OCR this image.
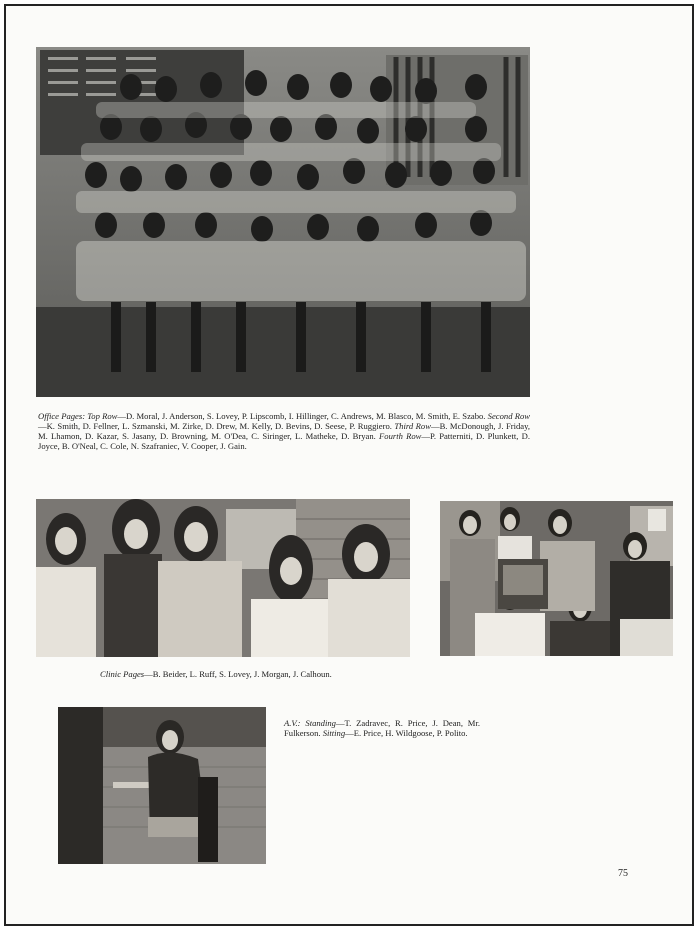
Office Pages: Top Row—D. Moral, J. Anderson, S. Lovey, P. Lipscomb, I. Hillinger, C. Andrews, M. Blasco, M. Smith, E. Szabo. Second Row—K. Smith, D. Fellner, L. Szmanski, M. Zirke, D. Drew, M. Kelly, D. Bevins, D. Seese, P. Ruggiero. Third Row—B. McDonough, J. Friday, M. Lhamon, D. Kazar, S. Jasany, D. Browning, M. O'Dea, C. Siringer, L. Matheke, D. Bryan. Fourth Row—P. Patterniti, D. Plunkett, D. Joyce, B. O'Neal, C. Cole, N. Szafraniec, V. Cooper, J. Gain.
Clinic Pages—B. Beider, L. Ruff, S. Lovey, J. Morgan, J. Calhoun.
A.V.: Standing—T. Zadravec, R. Price, J. Dean, Mr. Fulkerson. Sitting—E. Price, H. Wildgoose, P. Polito.
75
